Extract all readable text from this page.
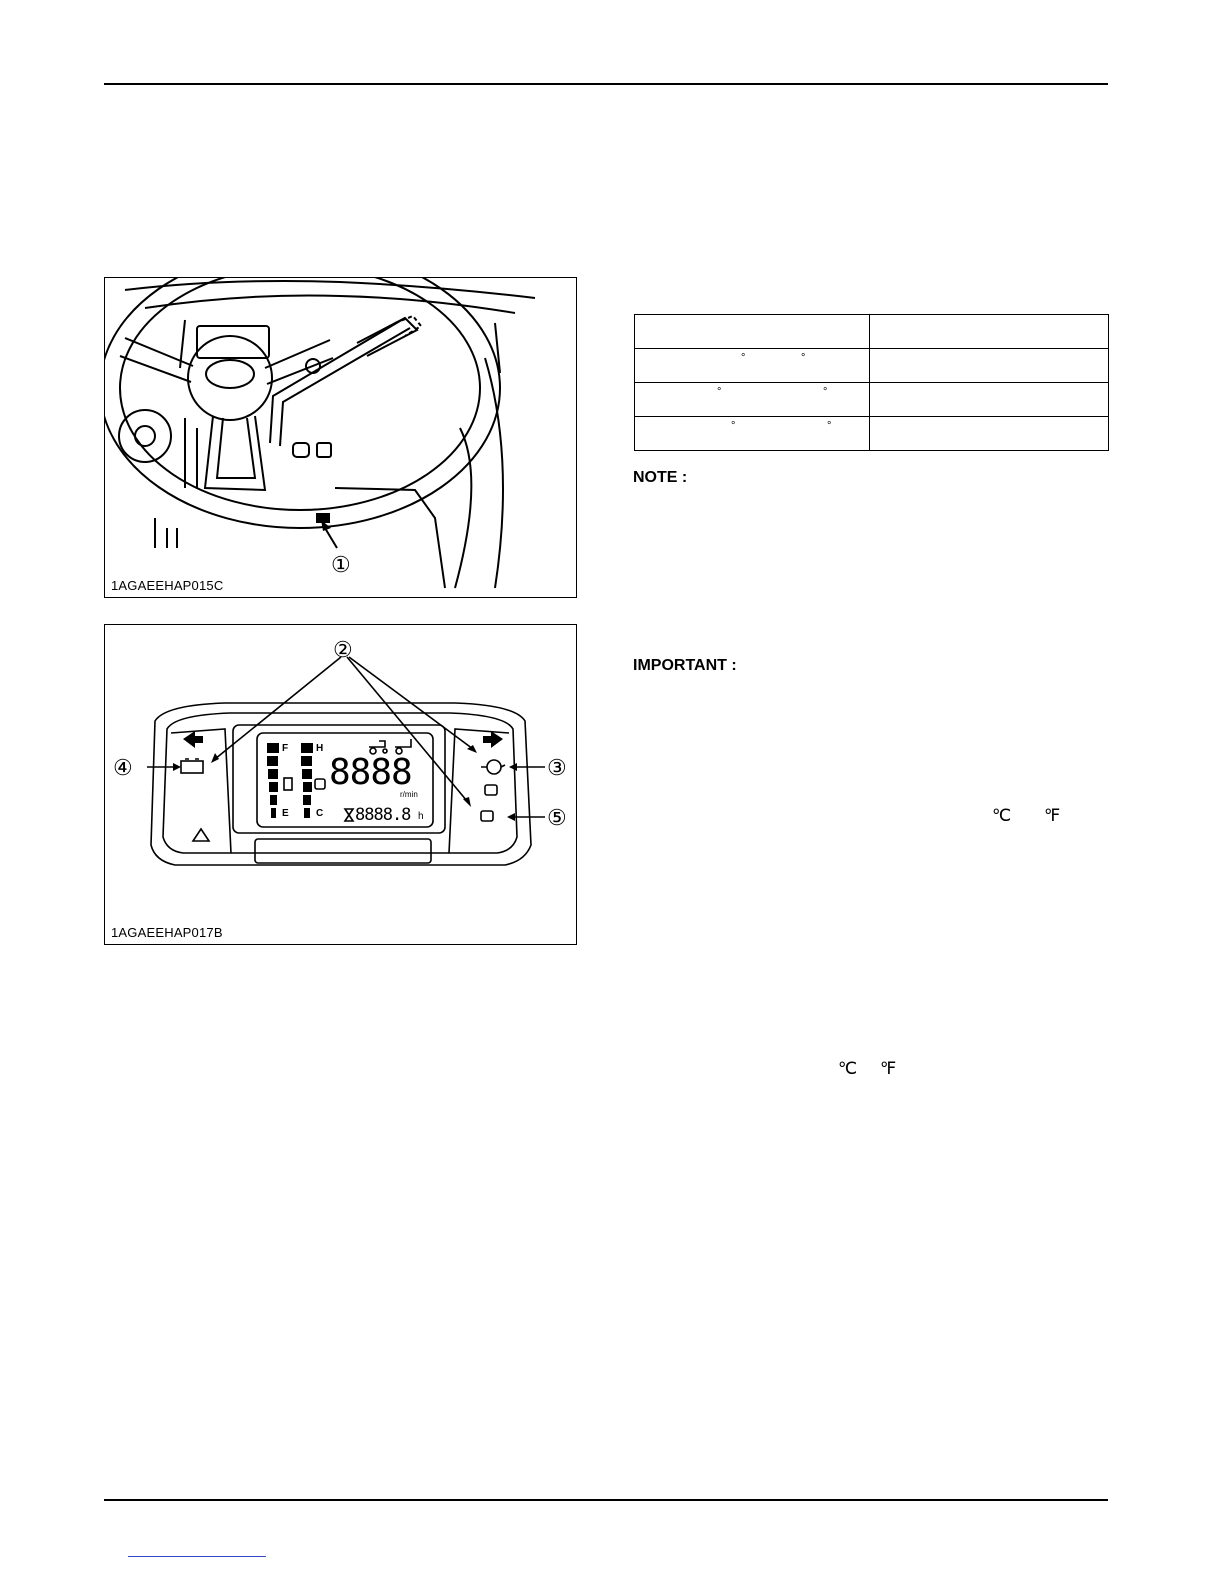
①
1AGAEEHAP015C
F
E
H
C
8888
r/min
8888.8 h
②
③
④
⑤
1AGAEEHAP017B

° °	

° °	

° °	

NOTE :
IMPORTANT :
℃ ℉
℃ ℉
